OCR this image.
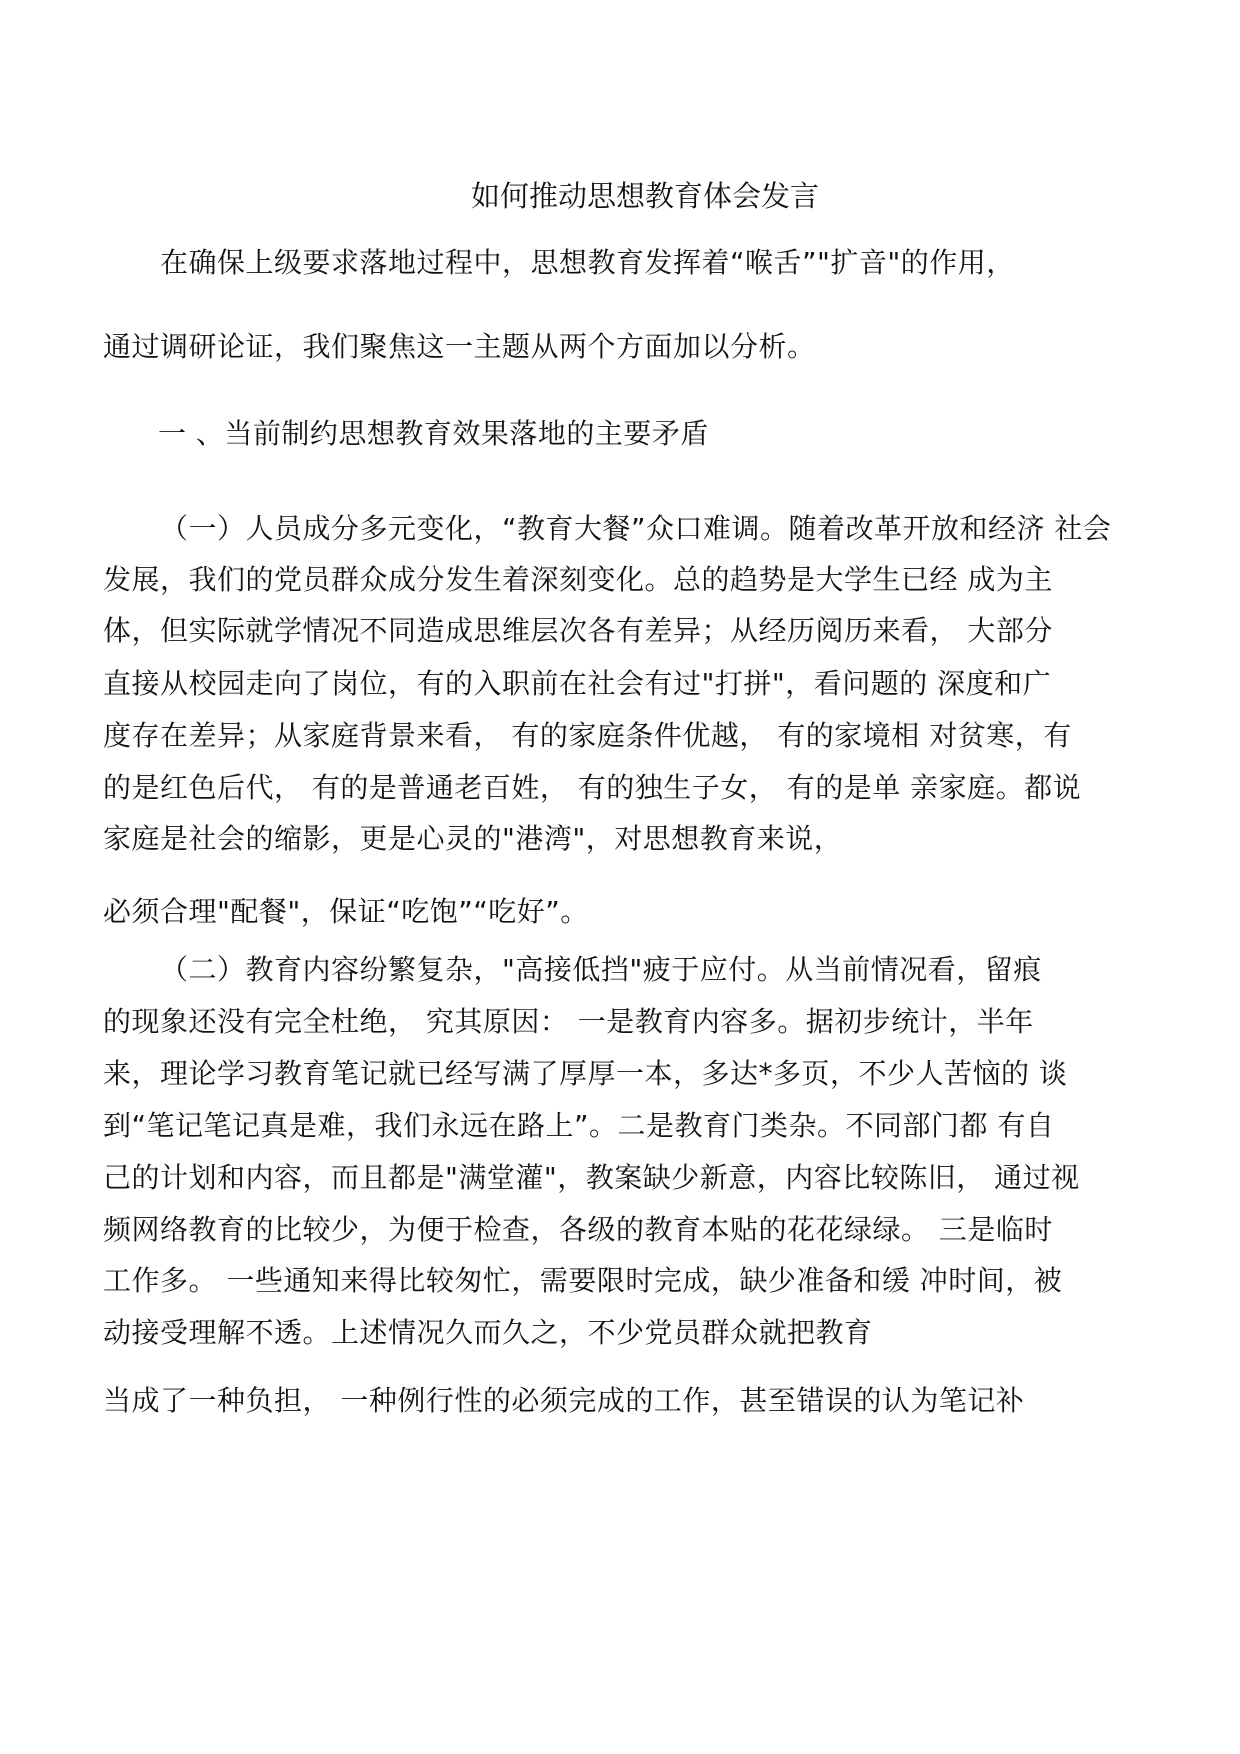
如何推动思想教育体会发言
在确保上级要求落地过程中，思想教育发挥着“喉舌”"扩音"的作用，
通过调研论证，我们聚焦这一主题从两个方面加以分析。
一 、当前制约思想教育效果落地的主要矛盾
（一）人员成分多元变化，“教育大餐”众口难调。随着改革开放和经济 社会
发展，我们的党员群众成分发生着深刻变化。总的趋势是大学生已经 成为主
体，但实际就学情况不同造成思维层次各有差异；从经历阅历来看， 大部分
直接从校园走向了岗位，有的入职前在社会有过"打拼"，看问题的 深度和广
度存在差异；从家庭背景来看， 有的家庭条件优越， 有的家境相 对贫寒，有
的是红色后代， 有的是普通老百姓， 有的独生子女， 有的是单 亲家庭。都说
家庭是社会的缩影，更是心灵的"港湾"，对思想教育来说，
必须合理"配餐"，保证“吃饱”“吃好”。
（二）教育内容纷繁复杂，"高接低挡"疲于应付。从当前情况看，留痕
的现象还没有完全杜绝， 究其原因： 一是教育内容多。据初步统计，半年
来，理论学习教育笔记就已经写满了厚厚一本，多达*多页，不少人苦恼的 谈
到“笔记笔记真是难，我们永远在路上”。二是教育门类杂。不同部门都 有自
己的计划和内容，而且都是"满堂灌"，教案缺少新意，内容比较陈旧， 通过视
频网络教育的比较少，为便于检查，各级的教育本贴的花花绿绿。 三是临时
工作多。 一些通知来得比较匆忙，需要限时完成，缺少准备和缓 冲时间，被
动接受理解不透。上述情况久而久之，不少党员群众就把教育
当成了一种负担， 一种例行性的必须完成的工作，甚至错误的认为笔记补
